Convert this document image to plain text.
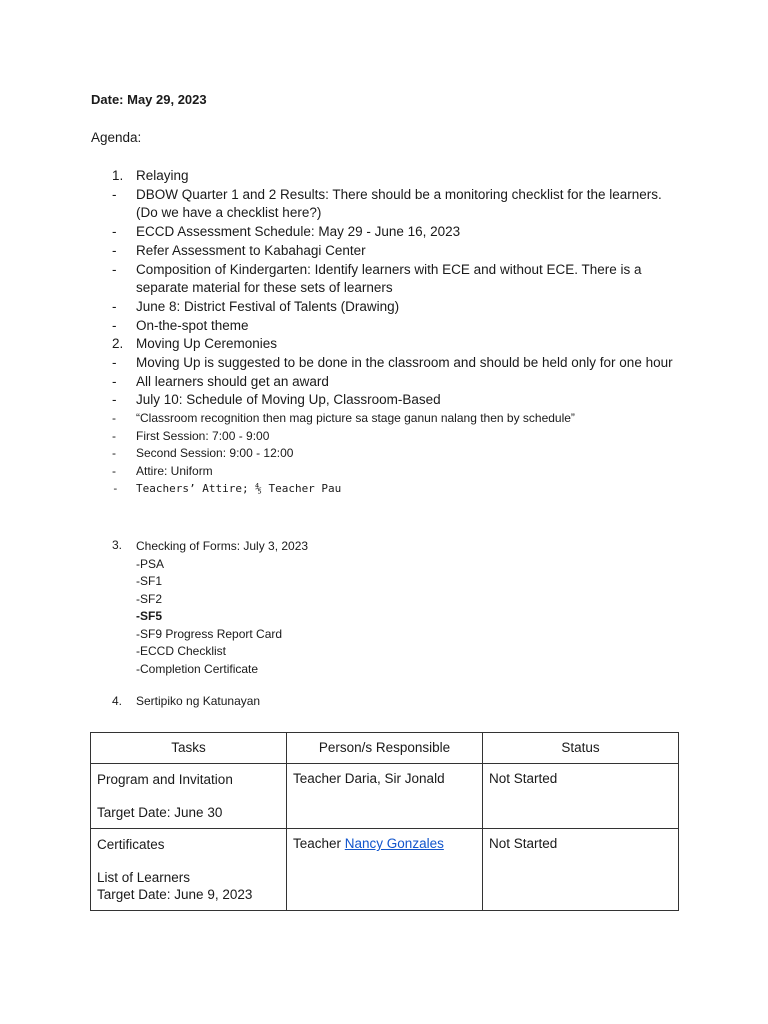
Date: May 29, 2023
Agenda:
1. Relaying
- DBOW Quarter 1 and 2 Results: There should be a monitoring checklist for the learners. (Do we have a checklist here?)
- ECCD Assessment Schedule: May 29 - June 16, 2023
- Refer Assessment to Kabahagi Center
- Composition of Kindergarten: Identify learners with ECE and without ECE. There is a separate material for these sets of learners
- June 8: District Festival of Talents (Drawing)
- On-the-spot theme
2. Moving Up Ceremonies
- Moving Up is suggested to be done in the classroom and should be held only for one hour
- All learners should get an award
- July 10: Schedule of Moving Up, Classroom-Based
- “Classroom recognition then mag picture sa stage ganun nalang then by schedule”
- First Session: 7:00 - 9:00
- Second Session: 9:00 - 12:00
- Attire: Uniform
- Teachers’ Attire; ⅘ Teacher Pau
3. Checking of Forms: July 3, 2023
-PSA
-SF1
-SF2
-SF5
-SF9 Progress Report Card
-ECCD Checklist
-Completion Certificate
4. Sertipiko ng Katunayan
Tasks	Person/s Responsible	Status

Program and Invitation
Target Date: June 30	Teacher Daria, Sir Jonald	Not Started

Certificates
List of Learners
Target Date: June 9, 2023	Teacher Nancy Gonzales	Not Started
